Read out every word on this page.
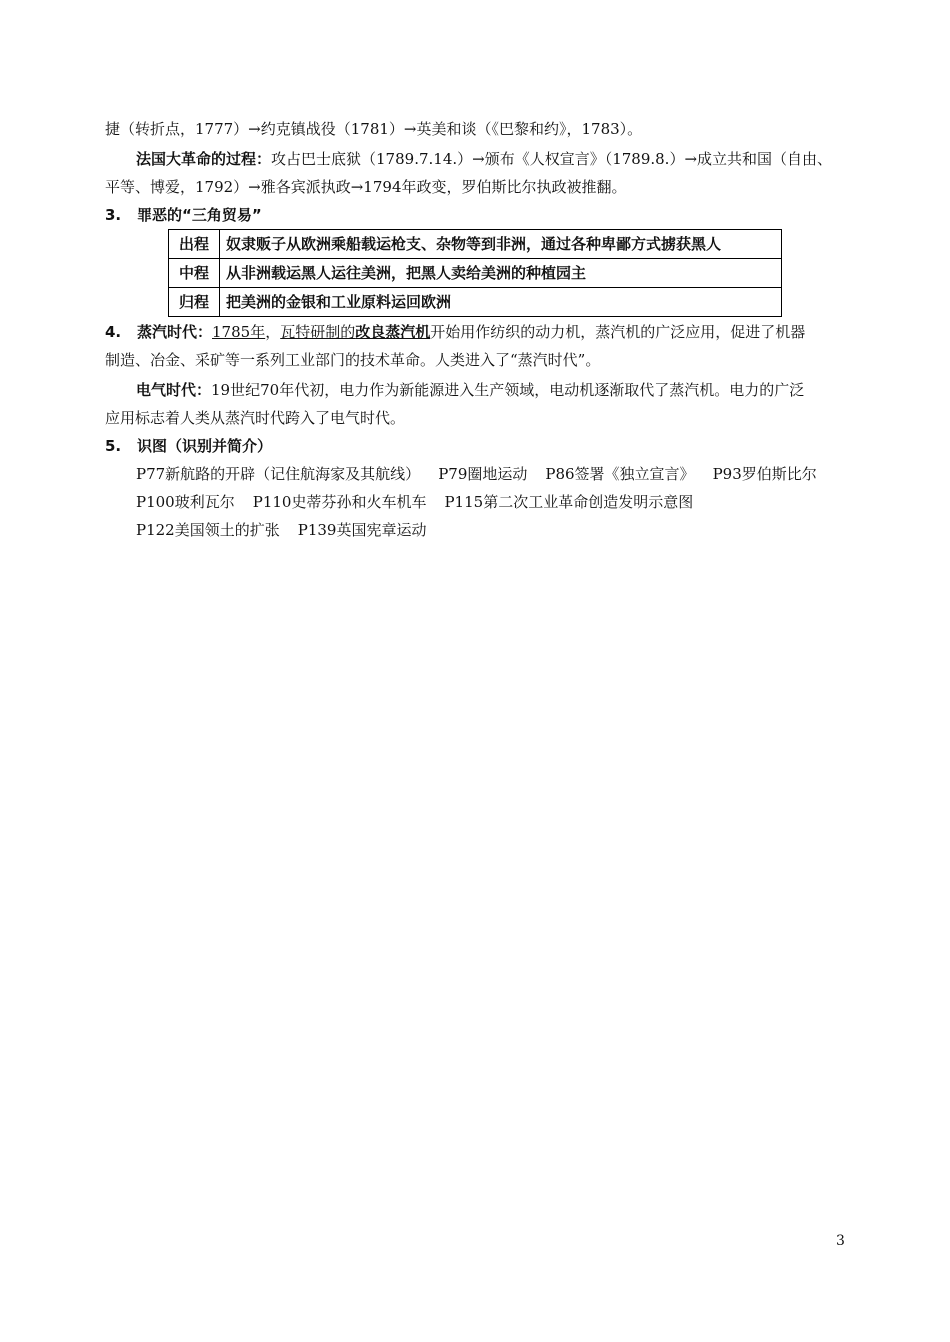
捷（转折点，1777）→约克镇战役（1781）→英美和谈（《巴黎和约》，1783）。
法国大革命的过程：攻占巴士底狱（1789.7.14.）→颁布《人权宣言》（1789.8.）→成立共和国（自由、
平等、博爱，1792）→雅各宾派执政→1794年政变，罗伯斯比尔执政被推翻。
3. 罪恶的“三角贸易”
出程	奴隶贩子从欧洲乘船载运枪支、杂物等到非洲，通过各种卑鄙方式掳获黑人
中程	从非洲载运黑人运往美洲，把黑人卖给美洲的种植园主
归程	把美洲的金银和工业原料运回欧洲
4. 蒸汽时代：1785年，瓦特研制的改良蒸汽机开始用作纺织的动力机，蒸汽机的广泛应用，促进了机器
制造、冶金、采矿等一系列工业部门的技术革命。人类进入了“蒸汽时代”。
电气时代：19世纪70年代初，电力作为新能源进入生产领域，电动机逐渐取代了蒸汽机。电力的广泛
应用标志着人类从蒸汽时代跨入了电气时代。
5. 识图（识别并简介）
P77新航路的开辟（记住航海家及其航线） P79圈地运动 P86签署《独立宣言》 P93罗伯斯比尔
P100玻利瓦尔 P110史蒂芬孙和火车机车 P115第二次工业革命创造发明示意图
P122美国领土的扩张 P139英国宪章运动
3
